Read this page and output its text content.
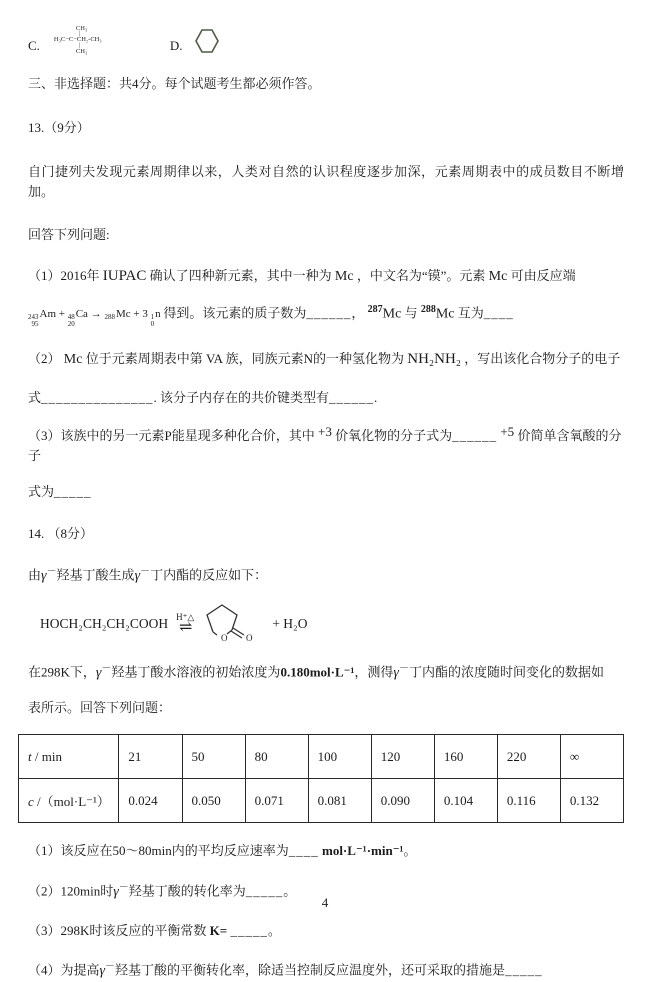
C.
CH₃
|
H₃C−C−CH₂-CH₃
|
CH₃	D.
三、非选择题：共4分。每个试题考生都必须作答。
13.（9分）
自门捷列夫发现元素周期律以来，人类对自然的认识程度逐步加深，元素周期表中的成员数目不断增加。
回答下列问题:
（1）2016年 IUPAC 确认了四种新元素，其中一种为 Mc ，中文名为“镆”。元素 Mc 可由反应端
243
95
Am + 48
20
Ca → 288 Mc + 3 1
0
n 得到。该元素的质子数为______， $^{287}$Mc 与 $^{288}$Mc 互为____
（2） Mc 位于元素周期表中第 VA 族，同族元素N的一种氢化物为 NH₂NH₂ ，写出该化合物分子的电子
式_______________. 该分子内存在的共价键类型有______.
（3）该族中的另一元素P能星现多种化合价，其中 +3 价氧化物的分子式为______ +5 价简单含氧酸的分子
式为_____
14. （8分）
由γ－羟基丁酸生成γ－丁内酯的反应如下：
HOCH₂CH₂CH₂COOH H⁺△
⇌
O O
+ H₂O
在298K下，γ－羟基丁酸水溶液的初始浓度为0.180mol·L⁻¹，测得γ－丁内酯的浓度随时间变化的数据如
表所示。回答下列问题：
t / min	21	50	80	100	120	160	220	∞
c /（mol·L⁻¹）	0.024	0.050	0.071	0.081	0.090	0.104	0.116	0.132
（1）该反应在50～80min内的平均反应速率为____ mol·L⁻¹·min⁻¹。
（2）120min时γ－羟基丁酸的转化率为_____。
（3）298K时该反应的平衡常数 K= _____。
（4）为提高γ－羟基丁酸的平衡转化率，除适当控制反应温度外，还可采取的措施是_____
4
